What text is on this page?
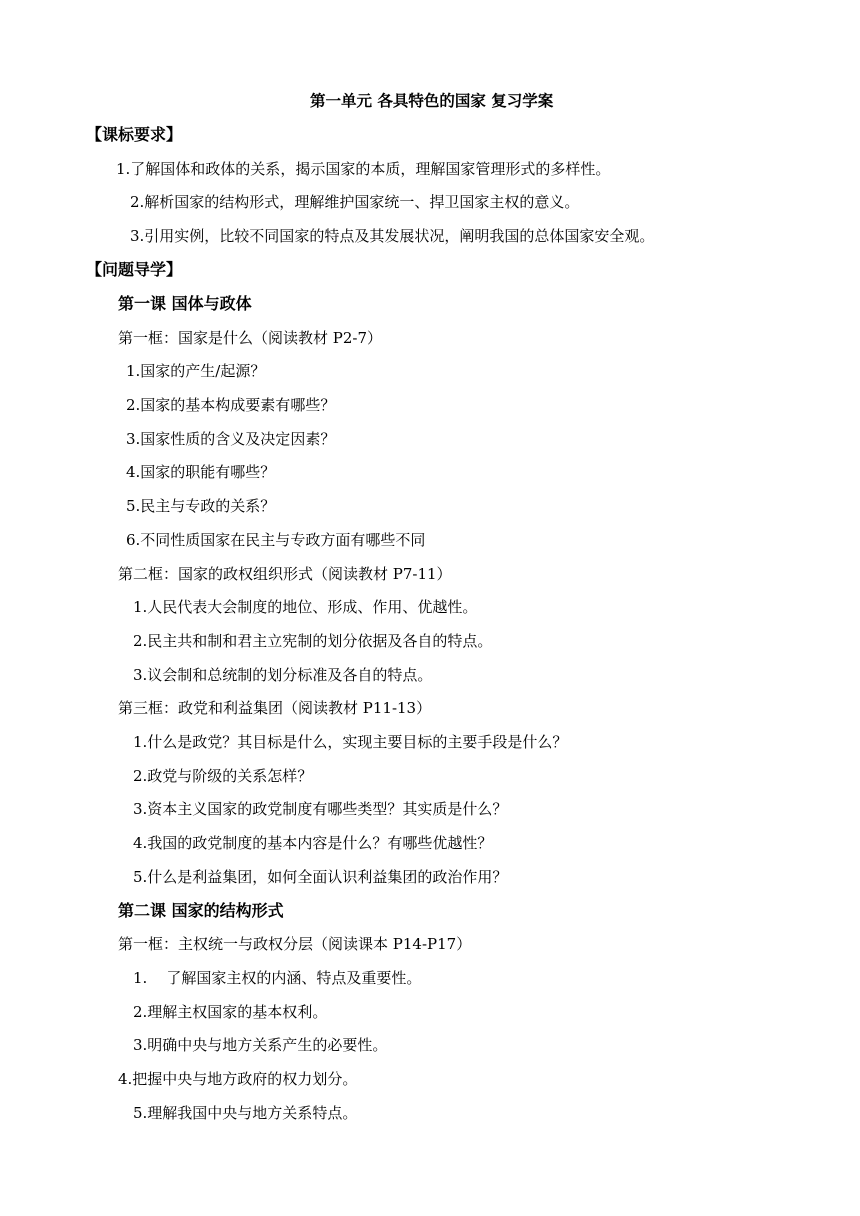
第一单元 各具特色的国家 复习学案
【课标要求】
1.了解国体和政体的关系，揭示国家的本质，理解国家管理形式的多样性。
2.解析国家的结构形式，理解维护国家统一、捍卫国家主权的意义。
3.引用实例，比较不同国家的特点及其发展状况，阐明我国的总体国家安全观。
【问题导学】
第一课 国体与政体
第一框：国家是什么（阅读教材 P2-7）
1.国家的产生/起源？
2.国家的基本构成要素有哪些？
3.国家性质的含义及决定因素？
4.国家的职能有哪些？
5.民主与专政的关系？
6.不同性质国家在民主与专政方面有哪些不同
第二框：国家的政权组织形式（阅读教材 P7-11）
1.人民代表大会制度的地位、形成、作用、优越性。
2.民主共和制和君主立宪制的划分依据及各自的特点。
3.议会制和总统制的划分标准及各自的特点。
第三框：政党和利益集团（阅读教材 P11-13）
1.什么是政党？其目标是什么，实现主要目标的主要手段是什么？
2.政党与阶级的关系怎样？
3.资本主义国家的政党制度有哪些类型？其实质是什么？
4.我国的政党制度的基本内容是什么？有哪些优越性？
5.什么是利益集团，如何全面认识利益集团的政治作用？
第二课 国家的结构形式
第一框：主权统一与政权分层（阅读课本 P14-P17）
1.    了解国家主权的内涵、特点及重要性。
2.理解主权国家的基本权利。
3.明确中央与地方关系产生的必要性。
4.把握中央与地方政府的权力划分。
5.理解我国中央与地方关系特点。
